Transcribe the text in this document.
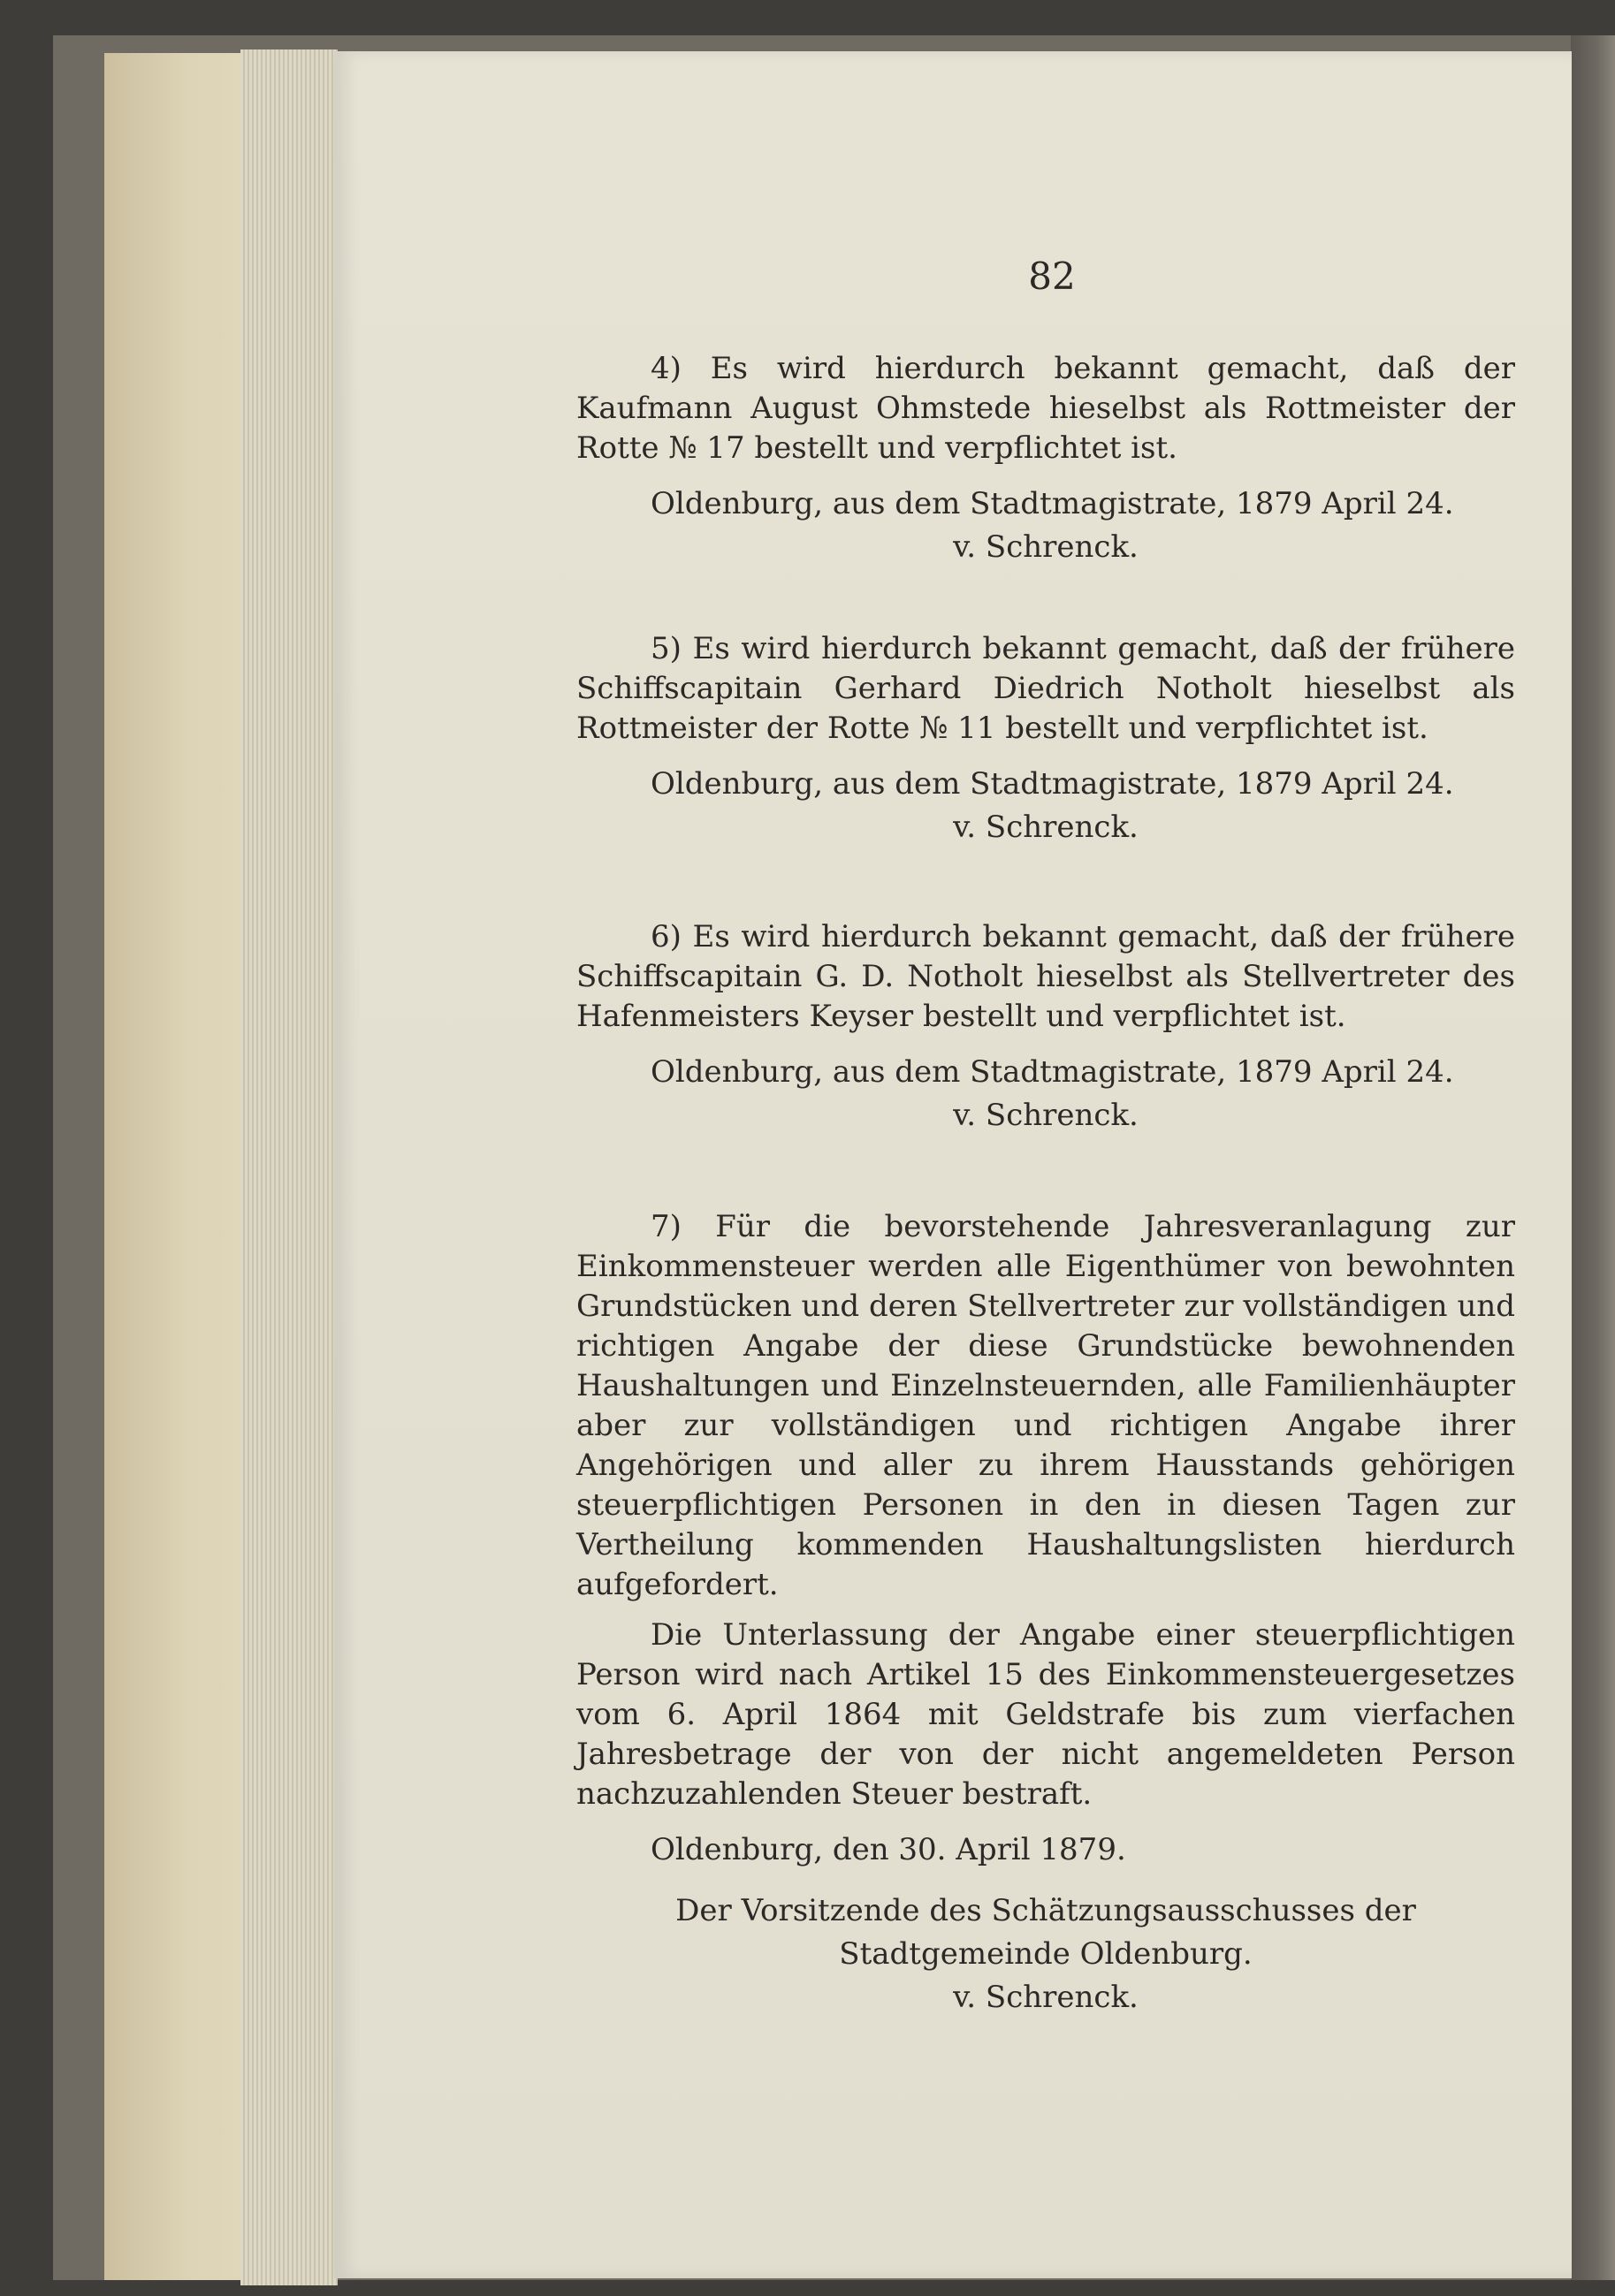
82

4) Es wird hierdurch bekannt gemacht, daß der Kaufmann August Ohmstede hieselbst als Rottmeister der Rotte № 17 bestellt und verpflichtet ist.

Oldenburg, aus dem Stadtmagistrate, 1879 April 24.

v. Schrenck.

5) Es wird hierdurch bekannt gemacht, daß der frühere Schiffscapitain Gerhard Diedrich Notholt hieselbst als Rottmeister der Rotte № 11 bestellt und verpflichtet ist.

Oldenburg, aus dem Stadtmagistrate, 1879 April 24.

v. Schrenck.

6) Es wird hierdurch bekannt gemacht, daß der frühere Schiffscapitain G. D. Notholt hieselbst als Stellvertreter des Hafenmeisters Keyser bestellt und verpflichtet ist.

Oldenburg, aus dem Stadtmagistrate, 1879 April 24.

v. Schrenck.

7) Für die bevorstehende Jahresveranlagung zur Einkommensteuer werden alle Eigenthümer von bewohnten Grundstücken und deren Stellvertreter zur vollständigen und richtigen Angabe der diese Grundstücke bewohnenden Haushaltungen und Einzelnsteuernden, alle Familienhäupter aber zur vollständigen und richtigen Angabe ihrer Angehörigen und aller zu ihrem Hausstands gehörigen steuerpflichtigen Personen in den in diesen Tagen zur Vertheilung kommenden Haushaltungslisten hierdurch aufgefordert.

Die Unterlassung der Angabe einer steuerpflichtigen Person wird nach Artikel 15 des Einkommensteuergesetzes vom 6. April 1864 mit Geldstrafe bis zum vierfachen Jahresbetrage der von der nicht angemeldeten Person nachzuzahlenden Steuer bestraft.

Oldenburg, den 30. April 1879.

Der Vorsitzende des Schätzungsausschusses der

Stadtgemeinde Oldenburg.

v. Schrenck.
